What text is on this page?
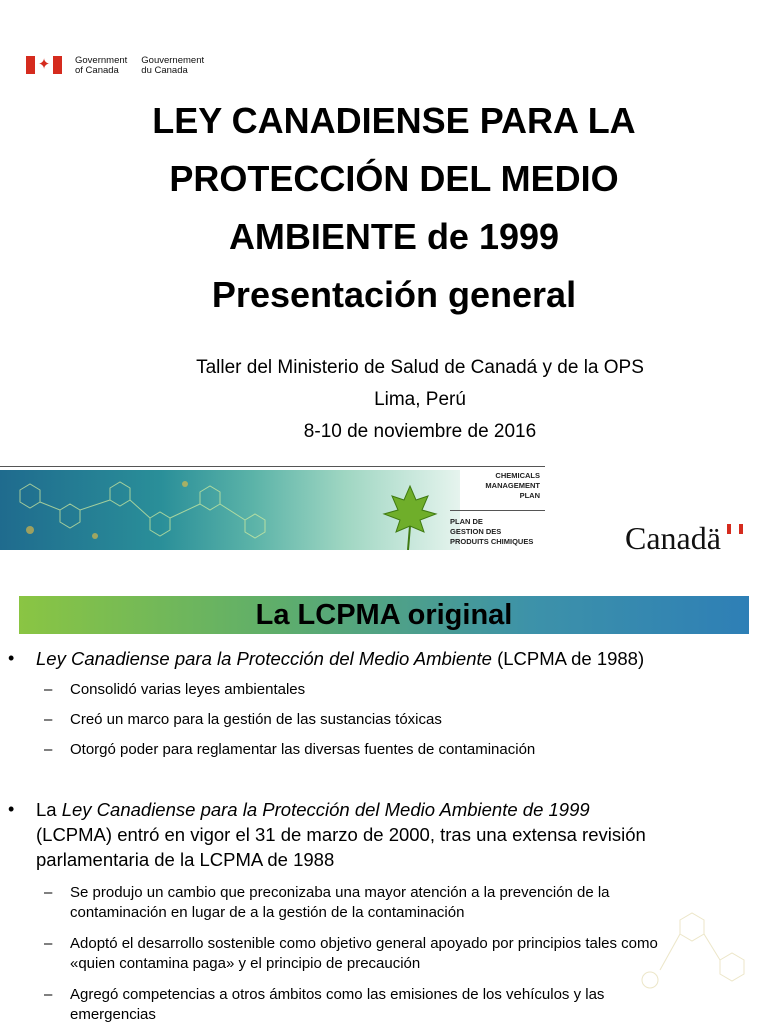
✦	Government
of Canada
Gouvernement
du Canada
LEY CANADIENSE PARA LA
PROTECCIÓN DEL MEDIO
AMBIENTE de 1999
Presentación general
Taller del Ministerio de Salud de Canadá y de la OPS
Lima, Perú
8-10 de noviembre de 2016
CHEMICALS
MANAGEMENT
PLAN
PLAN DE
GESTION DES
PRODUITS CHIMIQUES	Canadä
La LCPMA original
• Ley Canadiense para la Protección del Medio Ambiente (LCPMA de 1988)
– Consolidó varias leyes ambientales
– Creó un marco para la gestión de las sustancias tóxicas
– Otorgó poder para reglamentar las diversas fuentes de contaminación
• La Ley Canadiense para la Protección del Medio Ambiente de 1999
(LCPMA) entró en vigor el 31 de marzo de 2000, tras una extensa revisión
parlamentaria de la LCPMA de 1988
– Se produjo un cambio que preconizaba una mayor atención a la prevención de la
contaminación en lugar de a la gestión de la contaminación
– Adoptó el desarrollo sostenible como objetivo general apoyado por principios tales como
«quien contamina paga» y el principio de precaución
– Agregó competencias a otros ámbitos como las emisiones de los vehículos y las
emergencias
